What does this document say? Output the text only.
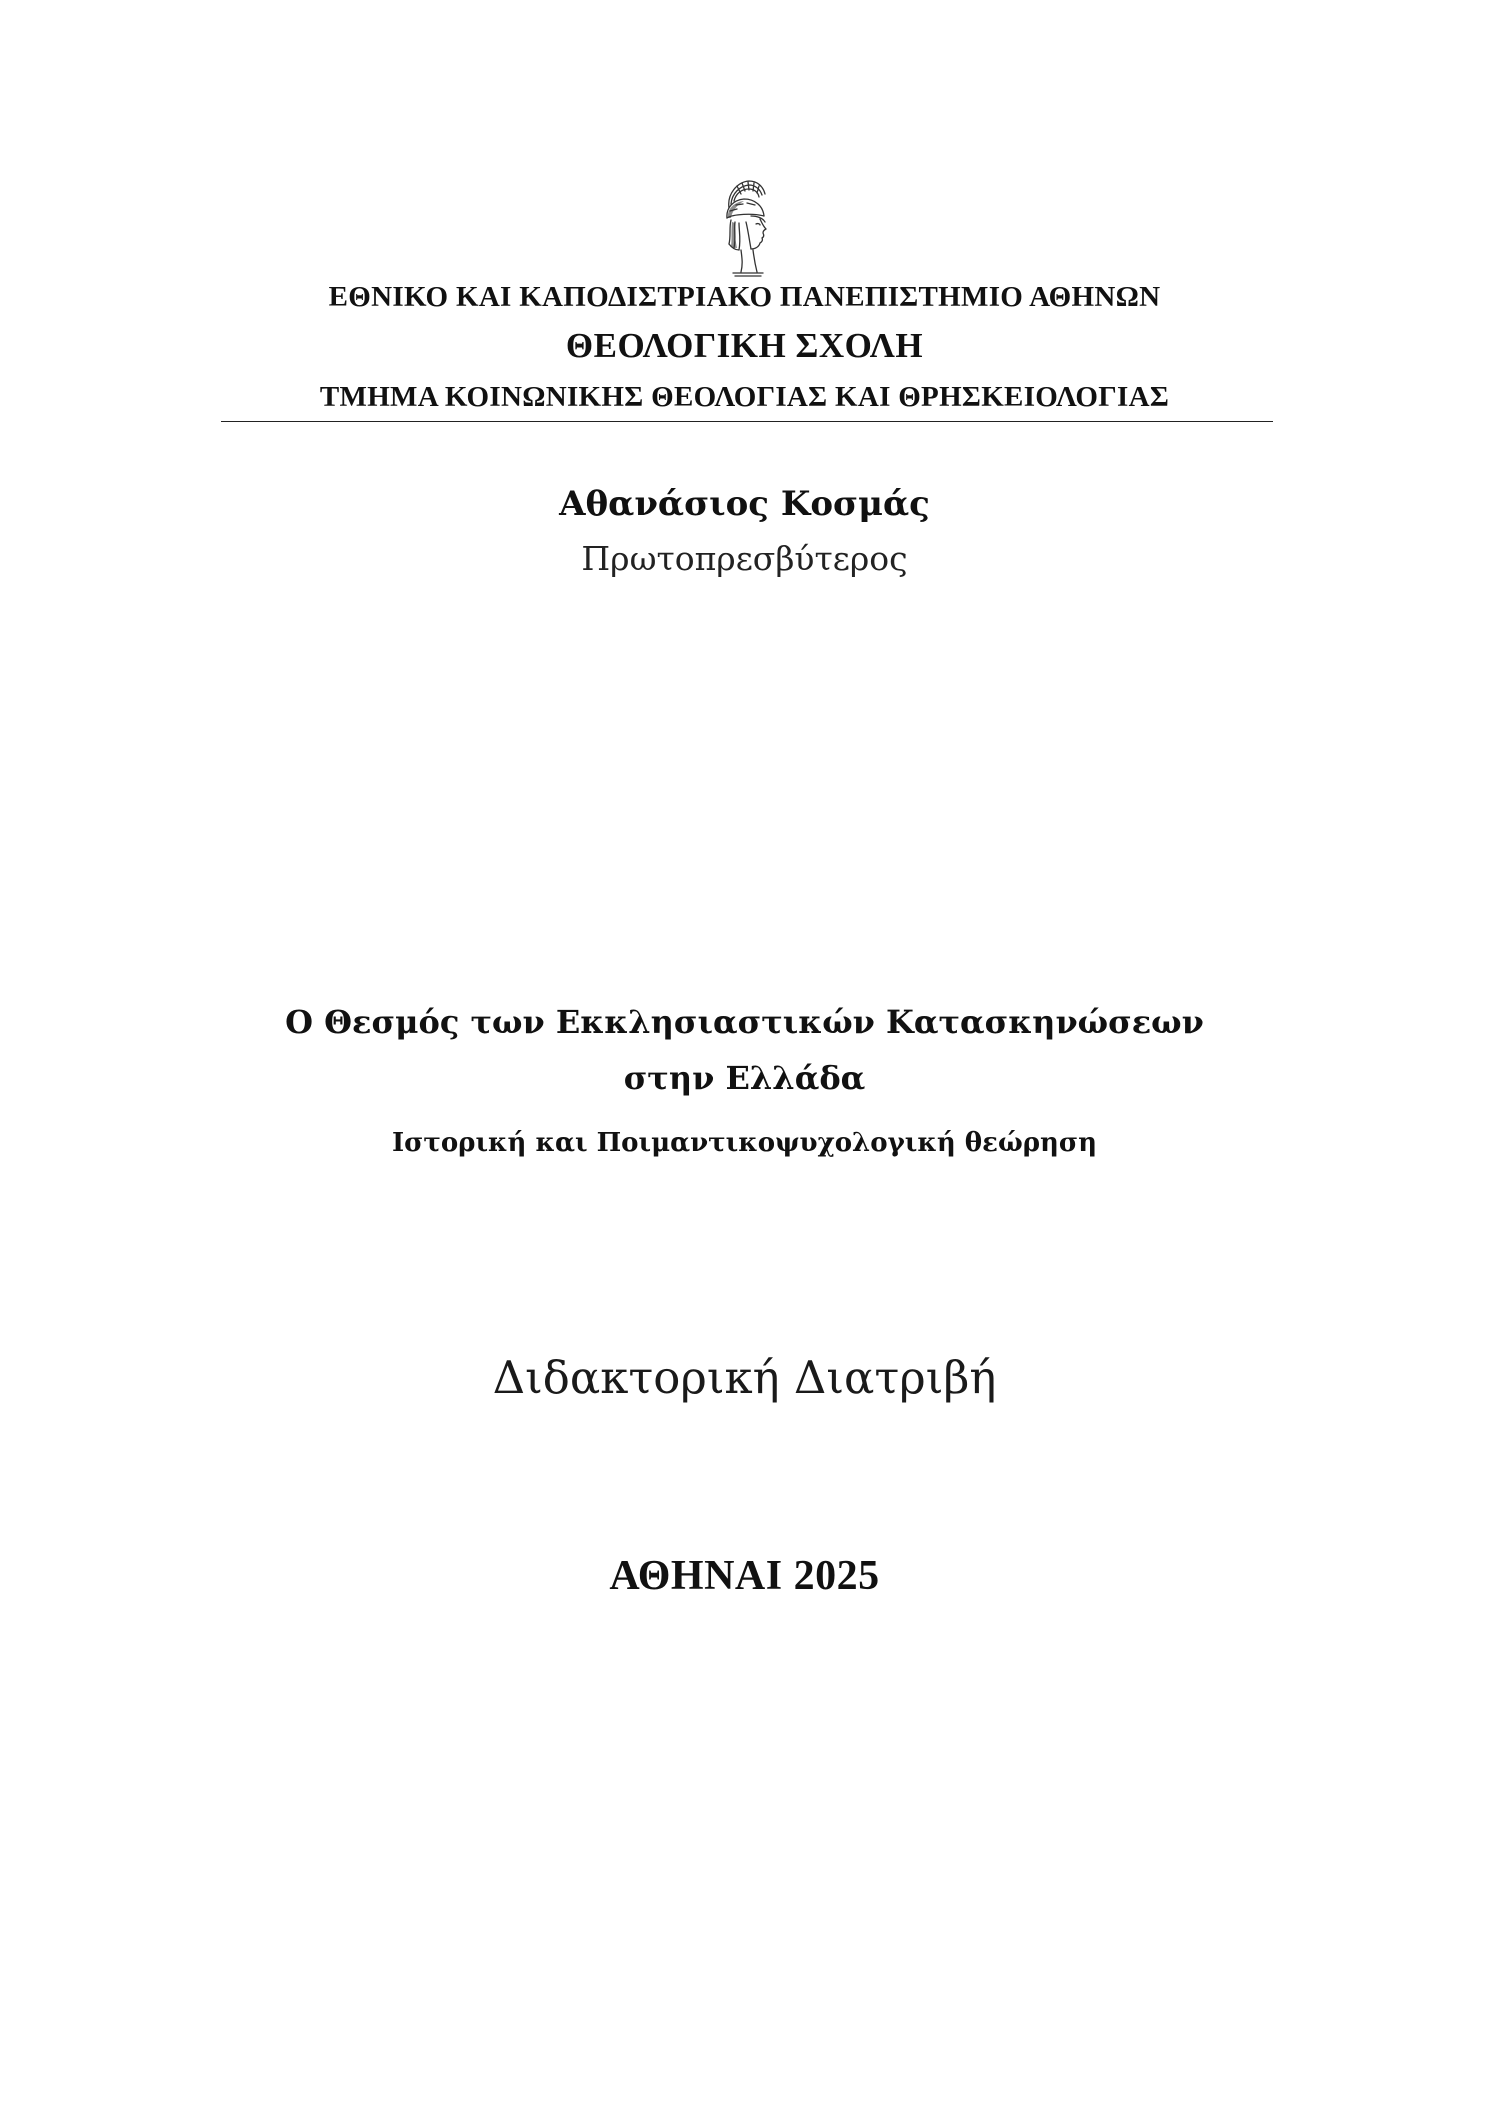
ΕΘΝΙΚΟ ΚΑΙ ΚΑΠΟΔΙΣΤΡΙΑΚΟ ΠΑΝΕΠΙΣΤΗΜΙΟ ΑΘΗΝΩΝ
ΘΕΟΛΟΓΙΚΗ ΣΧΟΛΗ
ΤΜΗΜΑ ΚΟΙΝΩΝΙΚΗΣ ΘΕΟΛΟΓΙΑΣ ΚΑΙ ΘΡΗΣΚΕΙΟΛΟΓΙΑΣ
Αθανάσιος Κοσμάς
Πρωτοπρεσβύτερος
Ο Θεσμός των Εκκλησιαστικών Κατασκηνώσεων
στην Ελλάδα
Ιστορική και Ποιμαντικοψυχολογική θεώρηση
Διδακτορική Διατριβή
ΑΘΗΝΑΙ 2025
